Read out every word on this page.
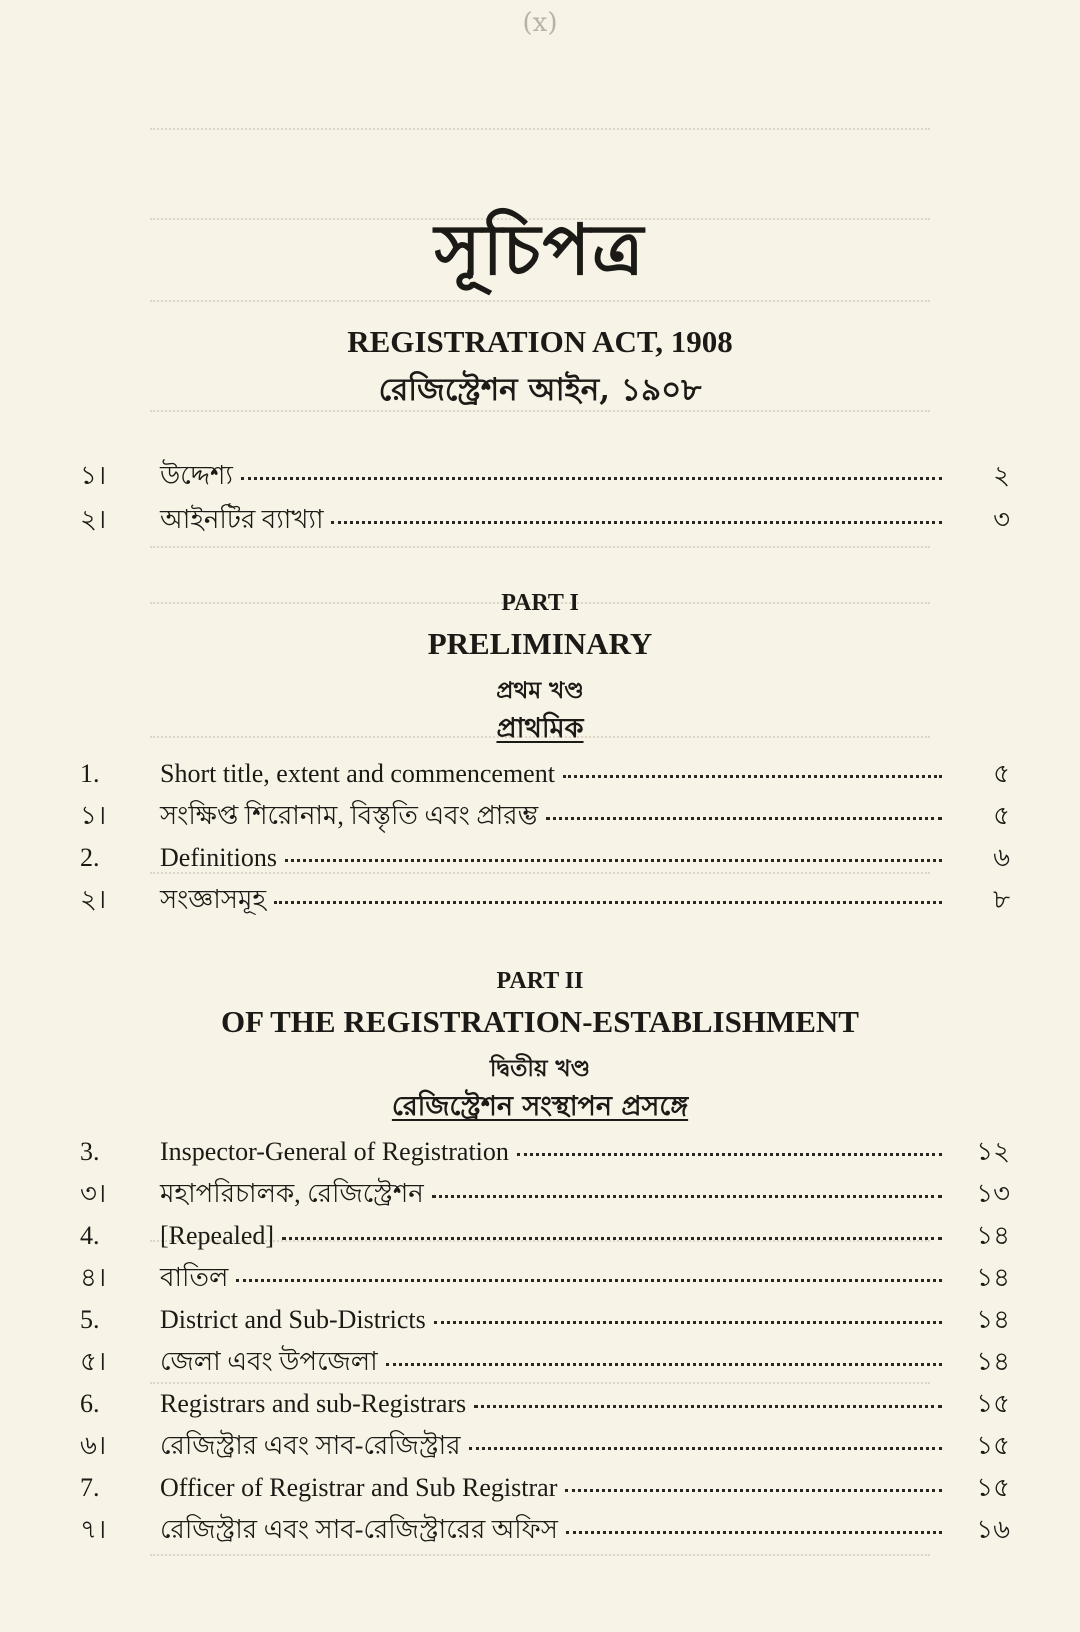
(x)
সূচিপত্র
REGISTRATION ACT, 1908
রেজিস্ট্রেশন আইন, ১৯০৮
১।	উদ্দেশ্য	২
২।	আইনটির ব্যাখ্যা	৩
PART I
PRELIMINARY
প্রথম খণ্ড
প্রাথমিক
1.	Short title, extent and commencement	৫
১।	সংক্ষিপ্ত শিরোনাম, বিস্তৃতি এবং প্রারম্ভ	৫
2.	Definitions	৬
২।	সংজ্ঞাসমূহ	৮
PART II
OF THE REGISTRATION-ESTABLISHMENT
দ্বিতীয় খণ্ড
রেজিস্ট্রেশন সংস্থাপন প্রসঙ্গে
3.	Inspector-General of Registration	১২
৩।	মহাপরিচালক, রেজিস্ট্রেশন	১৩
4.	[Repealed]	১৪
৪।	বাতিল	১৪
5.	District and Sub-Districts	১৪
৫।	জেলা এবং উপজেলা	১৪
6.	Registrars and sub-Registrars	১৫
৬।	রেজিস্ট্রার এবং সাব-রেজিস্ট্রার	১৫
7.	Officer of Registrar and Sub Registrar	১৫
৭।	রেজিস্ট্রার এবং সাব-রেজিস্ট্রারের অফিস	১৬
